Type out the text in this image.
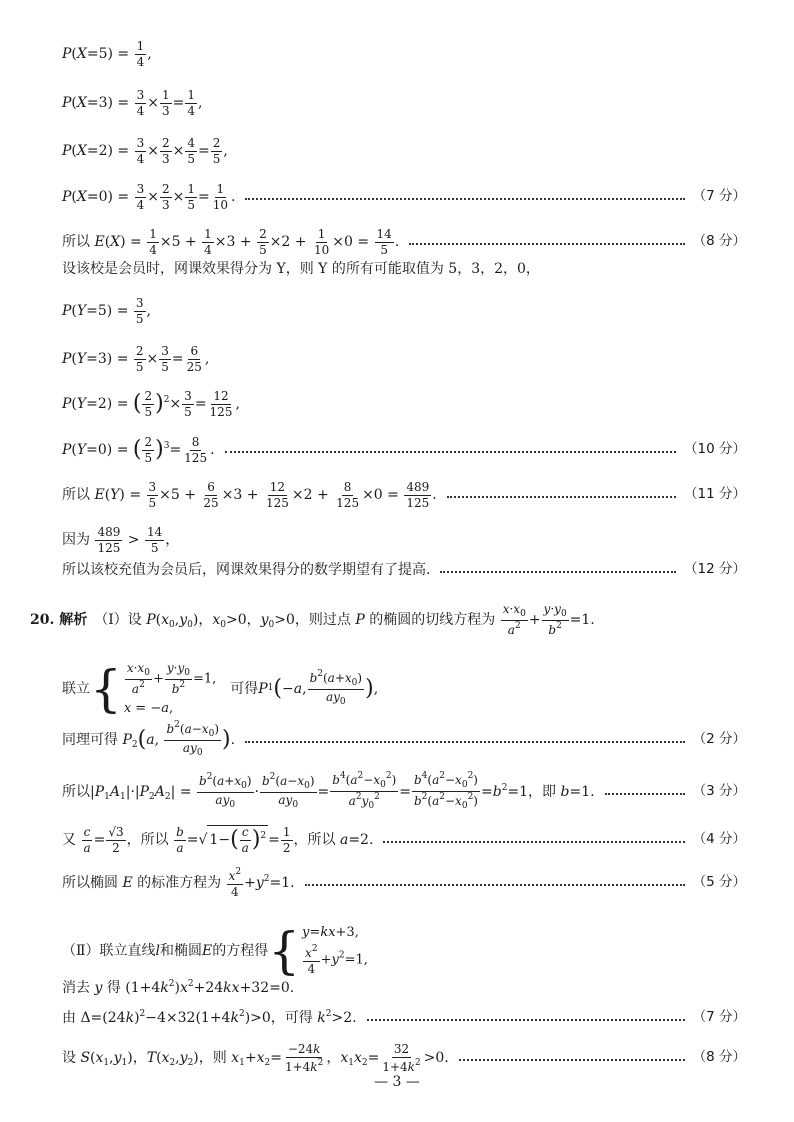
$P(X=5) = \frac{1}{4}$ ,
$P(X=3) = \frac{3}{4} \times \frac{1}{3} = \frac{1}{4}$ ,
$P(X=2) = \frac{3}{4} \times \frac{2}{3} \times \frac{4}{5} = \frac{2}{5}$ ,
$P(X=0) = \frac{3}{4} \times \frac{2}{3} \times \frac{1}{5} = \frac{1}{10}$ .	（7 分）
所以 $E(X) = \frac{1}{4} \times 5 + \frac{1}{4} \times 3 + \frac{2}{5} \times 2 + \frac{1}{10} \times 0 = \frac{14}{5}$ .	（8 分）
设该校是会员时，网课效果得分为 Y，则 Y 的所有可能取值为 5，3，2，0，
$P(Y=5) = \frac{3}{5}$ ,
$P(Y=3) = \frac{2}{5} \times \frac{3}{5} = \frac{6}{25}$ ,
P(Y=2) = ( $\frac{2}{5} )^2\times \frac{3}{5} = \frac{12}{125}$ ,
P(Y=0) = ( $\frac{2}{5} )^3= \frac{8}{125}$ .	（10 分）
所以 $E(Y) = \frac{3}{5} \times 5 + \frac{6}{25} \times 3 + \frac{12}{125} \times 2 + \frac{8}{125} \times 0 = \frac{489}{125}$ .	（11 分）
因为 $\frac{489}{125} > \frac{14}{5}$ ，
所以该校充值为会员后，网课效果得分的数学期望有了提高.	（12 分）
20. 解析　（Ⅰ）设 $P(x_0,y_0)$，$x_0>0$，$y_0>0$，则过点 P 的椭圆的切线方程为 $\frac{x\cdot x_0}{a^2} + \frac{y\cdot y_0}{b^2} =1$.
联立 { $\frac{x\cdot x_0}{a^2} + \frac{y\cdot y_0}{b^2} =1$,
x = −a,
　可得 P 1 ( − a ,
$b^2(a+x_0)$
$ay_0$
) ,
同理可得 $P_2(a$, $\frac{b^2(a-x_0)}{ay_0}$ ).	（2 分）
所以$|P_1A_1|\cdot|P_2A_2| = \frac{b^2(a+x_0)}{ay_0} \cdot \frac{b^2(a-x_0)}{ay_0} = \frac{b^4(a^2-x_0^2)}{a^2y_0^2} = \frac{b^4(a^2-x_0^2)}{b^2(a^2-x_0^2)} =b^2=1$，即 b=1.	（3 分）
又 $\frac{c}{a} = \frac{√3}{2}$ ，所以 $\frac{b}{a}$ =√ $1-( \frac{c}{a} )^2 = \frac{1}{2}$ ，所以 a=2.	（4 分）
所以椭圆 E 的标准方程为 $\frac{x^2}{4} +y^2=1$.	（5 分）
（Ⅱ）联立直线 l 和椭圆 E 的方程得 { y=kx+3,
$\frac{x^2}{4} +y^2=1$,
消去 y 得 $(1+4k^2)x^2+24kx+32=0$.
由 $\Delta=(24k)^2-4\times 32(1+4k^2)>0$，可得 $k^2>2$.	（7 分）
设 $S(x_1,y_1)$，$T(x_2,y_2)$，则 $x_1+x_2= \frac{-24k}{1+4k^2}$ ，$x_1x_2= \frac{32}{1+4k^2} >0$.	（8 分）
— 3 —
